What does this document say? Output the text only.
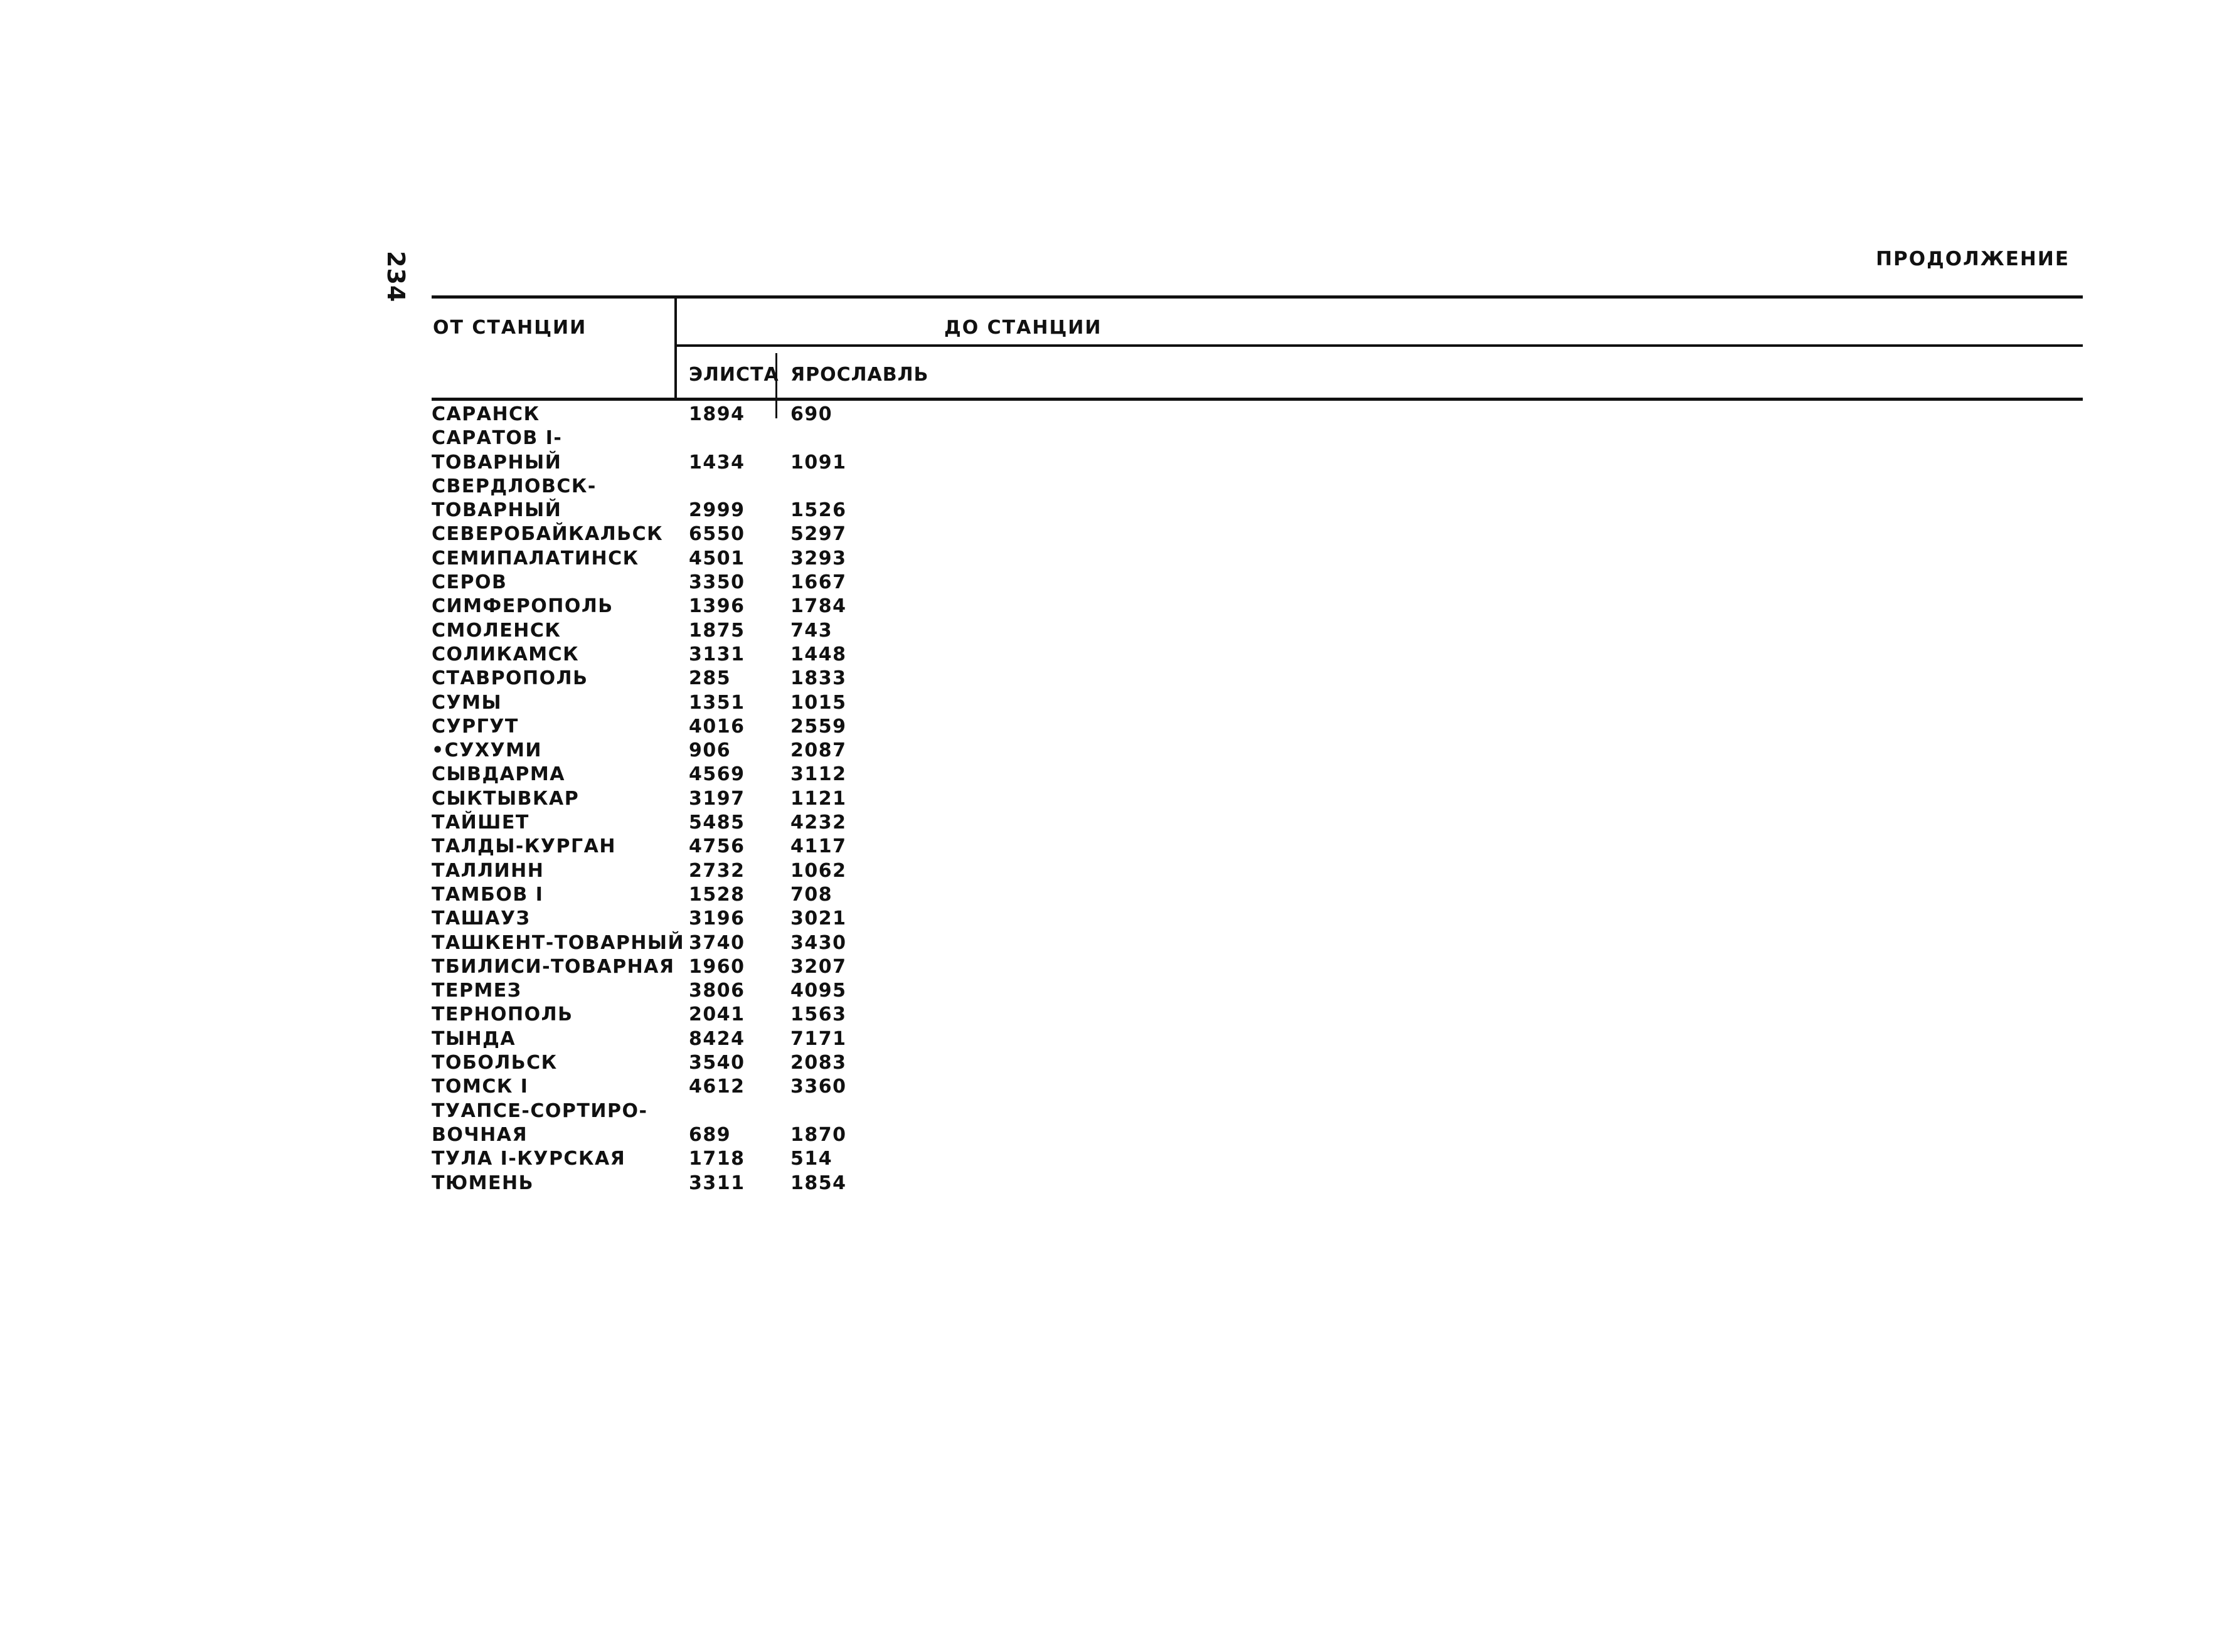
234	ПРОДОЛЖЕНИЕ
ОТ СТАНЦИИ	ДО СТАНЦИИ
ЭЛИСТА ЯРОСЛАВЛЬ
САРАНСК	1894 690
САРАТОВ I-
ТОВАРНЫЙ	1434 1091
СВЕРДЛОВСК-
ТОВАРНЫЙ	2999 1526
СЕВЕРОБАЙКАЛЬСК 6550 5297
СЕМИПАЛАТИНСК	4501 3293
СЕРОВ	3350 1667
СИМФЕРОПОЛЬ	1396 1784
СМОЛЕНСК	1875 743
СОЛИКАМСК	3131 1448
СТАВРОПОЛЬ	285	1833
СУМЫ	1351 1015
СУРГУТ	4016 2559
•СУХУМИ	906	2087
СЫВДАРМА	4569 3112
СЫКТЫВКАР	3197 1121
ТАЙШЕТ	5485 4232
ТАЛДЫ-КУРГАН	4756 4117
ТАЛЛИНН	2732 1062
ТАМБОВ I	1528 708
ТАШАУЗ	3196 3021
ТАШКЕНТ-ТОВАРНЫЙ 3740 3430
ТБИЛИСИ-ТОВАРНАЯ 1960 3207
ТЕРМЕЗ	3806 4095
ТЕРНОПОЛЬ	2041 1563
ТЫНДА	8424 7171
ТОБОЛЬСК	3540 2083
ТОМСК I	4612 3360
ТУАПСЕ-СОРТИРО-
ВОЧНАЯ	689	1870
ТУЛА I-КУРСКАЯ	1718 514
ТЮМЕНЬ	3311 1854
